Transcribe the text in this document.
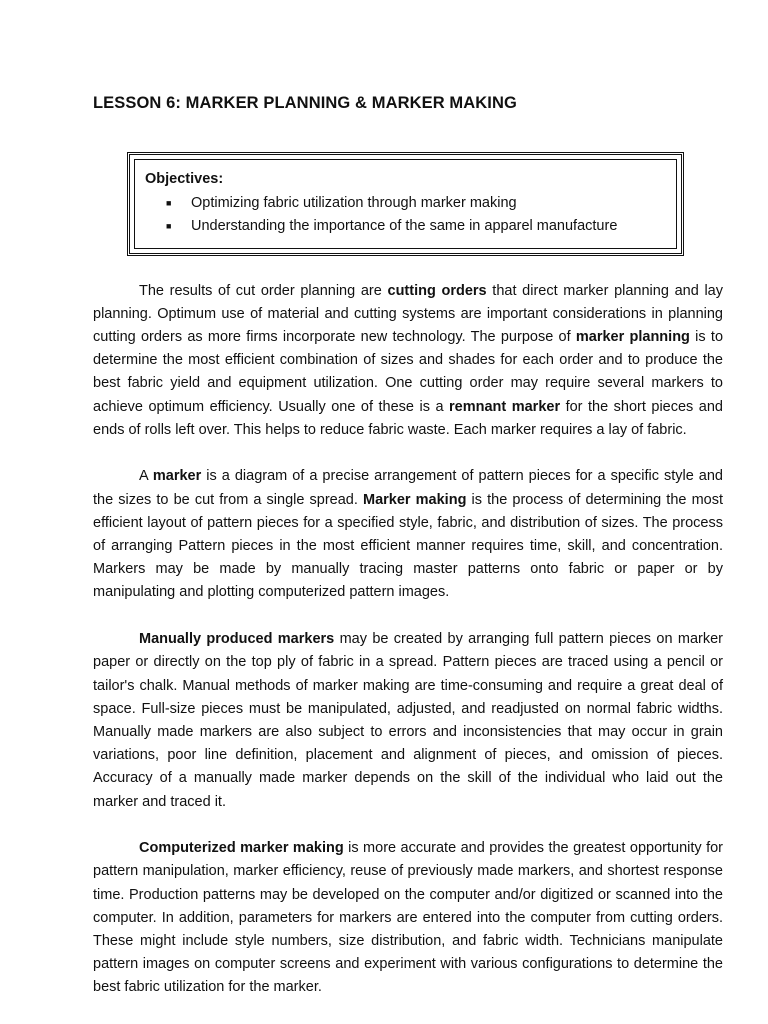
LESSON 6: MARKER PLANNING & MARKER MAKING

Objectives:

■ Optimizing fabric utilization through marker making
■ Understanding the importance of the same in apparel manufacture

The results of cut order planning are cutting orders that direct marker planning and lay planning. Optimum use of material and cutting systems are important considerations in planning cutting orders as more firms incorporate new technology. The purpose of marker planning is to determine the most efficient combination of sizes and shades for each order and to produce the best fabric yield and equipment utilization. One cutting order may require several markers to achieve optimum efficiency. Usually one of these is a remnant marker for the short pieces and ends of rolls left over. This helps to reduce fabric waste. Each marker requires a lay of fabric.

A marker is a diagram of a precise arrangement of pattern pieces for a specific style and the sizes to be cut from a single spread. Marker making is the process of determining the most efficient layout of pattern pieces for a specified style, fabric, and distribution of sizes. The process of arranging Pattern pieces in the most efficient manner requires time, skill, and concentration. Markers may be made by manually tracing master patterns onto fabric or paper or by manipulating and plotting computerized pattern images.

Manually produced markers may be created by arranging full pattern pieces on marker paper or directly on the top ply of fabric in a spread. Pattern pieces are traced using a pencil or tailor's chalk. Manual methods of marker making are time-consuming and require a great deal of space. Full-size pieces must be manipulated, adjusted, and readjusted on normal fabric widths. Manually made markers are also subject to errors and inconsistencies that may occur in grain variations, poor line definition, placement and alignment of pieces, and omission of pieces. Accuracy of a manually made marker depends on the skill of the individual who laid out the marker and traced it.

Computerized marker making is more accurate and provides the greatest opportunity for pattern manipulation, marker efficiency, reuse of previously made markers, and shortest response time. Production patterns may be developed on the computer and/or digitized or scanned into the computer. In addition, parameters for markers are entered into the computer from cutting orders. These might include style numbers, size distribution, and fabric width. Technicians manipulate pattern images on computer screens and experiment with various configurations to determine the best fabric utilization for the marker.
